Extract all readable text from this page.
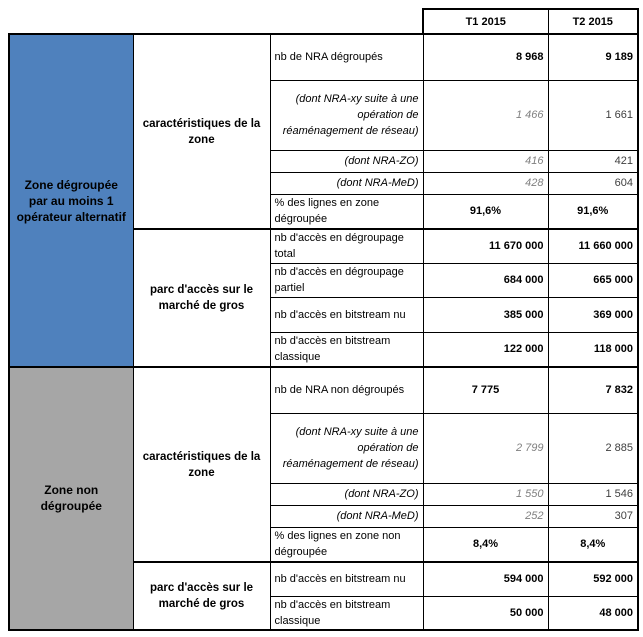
			T1 2015	T2 2015
Zone dégroupée par au moins 1 opérateur alternatif	caractéristiques de la zone	nb de NRA dégroupés	8 968	9 189
		(dont NRA-xy suite à une opération de réaménagement de réseau)	1 466	1 661
		(dont NRA-ZO)	416	421
		(dont NRA-MeD)	428	604
		% des lignes en zone dégroupée	91,6%	91,6%
	parc d'accès sur le marché de gros	nb d'accès en dégroupage total	11 670 000	11 660 000
		nb d'accès en dégroupage partiel	684 000	665 000
		nb d'accès en bitstream nu	385 000	369 000
		nb d'accès en bitstream classique	122 000	118 000
Zone non dégroupée	caractéristiques de la zone	nb de NRA non dégroupés	7 775	7 832
		(dont NRA-xy suite à une opération de réaménagement de réseau)	2 799	2 885
		(dont NRA-ZO)	1 550	1 546
		(dont NRA-MeD)	252	307
		% des lignes en zone non dégroupée	8,4%	8,4%
	parc d'accès sur le marché de gros	nb d'accès en bitstream nu	594 000	592 000
		nb d'accès en bitstream classique	50 000	48 000
